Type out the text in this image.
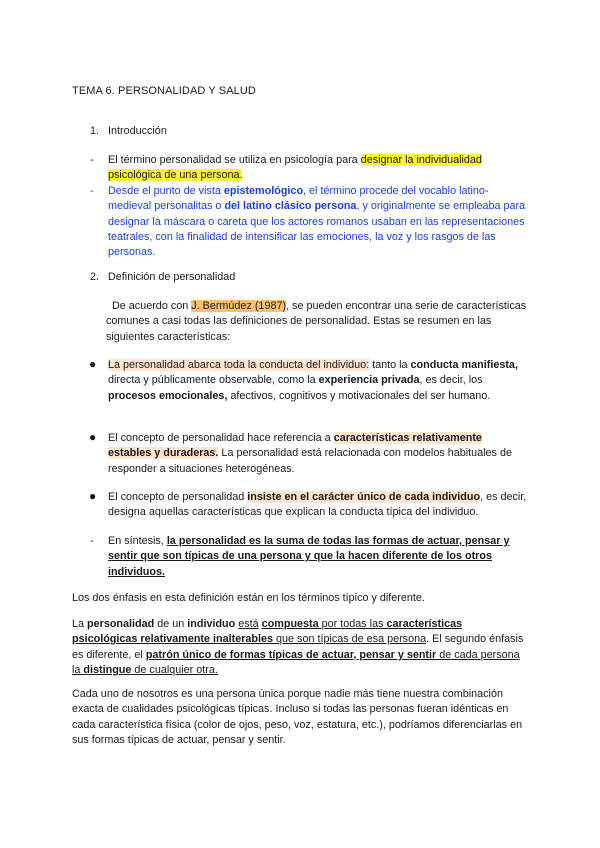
TEMA 6. PERSONALIDAD Y SALUD
1. Introducción
- El término personalidad se utiliza en psicología para designar la individualidad psicológica de una persona.
- Desde el punto de vista epistemológico, el término procede del vocablo latino-medieval personalitas o del latino clásico persona, y originalmente se empleaba para designar la máscara o careta que los actores romanos usaban en las representaciones teatrales, con la finalidad de intensificar las emociones, la voz y los rasgos de las personas.
2. Definición de personalidad
De acuerdo con J. Bermúdez (1987), se pueden encontrar una serie de características comunes a casi todas las definiciones de personalidad. Estas se resumen en las siguientes características:
● La personalidad abarca toda la conducta del individuo: tanto la conducta manifiesta, directa y públicamente observable, como la experiencia privada, es decir, los procesos emocionales, afectivos, cognitivos y motivacionales del ser humano.
● El concepto de personalidad hace referencia a características relativamente estables y duraderas. La personalidad está relacionada con modelos habituales de responder a situaciones heterogéneas.
● El concepto de personalidad insiste en el carácter único de cada individuo, es decir, designa aquellas características que explican la conducta típica del individuo.
- En síntesis, la personalidad es la suma de todas las formas de actuar, pensar y sentir que son típicas de una persona y que la hacen diferente de los otros individuos.
Los dos énfasis en esta definición están en los términos típico y diferente.
La personalidad de un individuo está compuesta por todas las características psicológicas relativamente inalterables que son típicas de esa persona. El segundo énfasis es diferente, el patrón único de formas típicas de actuar, pensar y sentir de cada persona la distingue de cualquier otra.
Cada uno de nosotros es una persona única porque nadie más tiene nuestra combinación exacta de cualidades psicológicas típicas. Incluso si todas las personas fueran idénticas en cada característica física (color de ojos, peso, voz, estatura, etc.), podríamos diferenciarlas en sus formas típicas de actuar, pensar y sentir.
